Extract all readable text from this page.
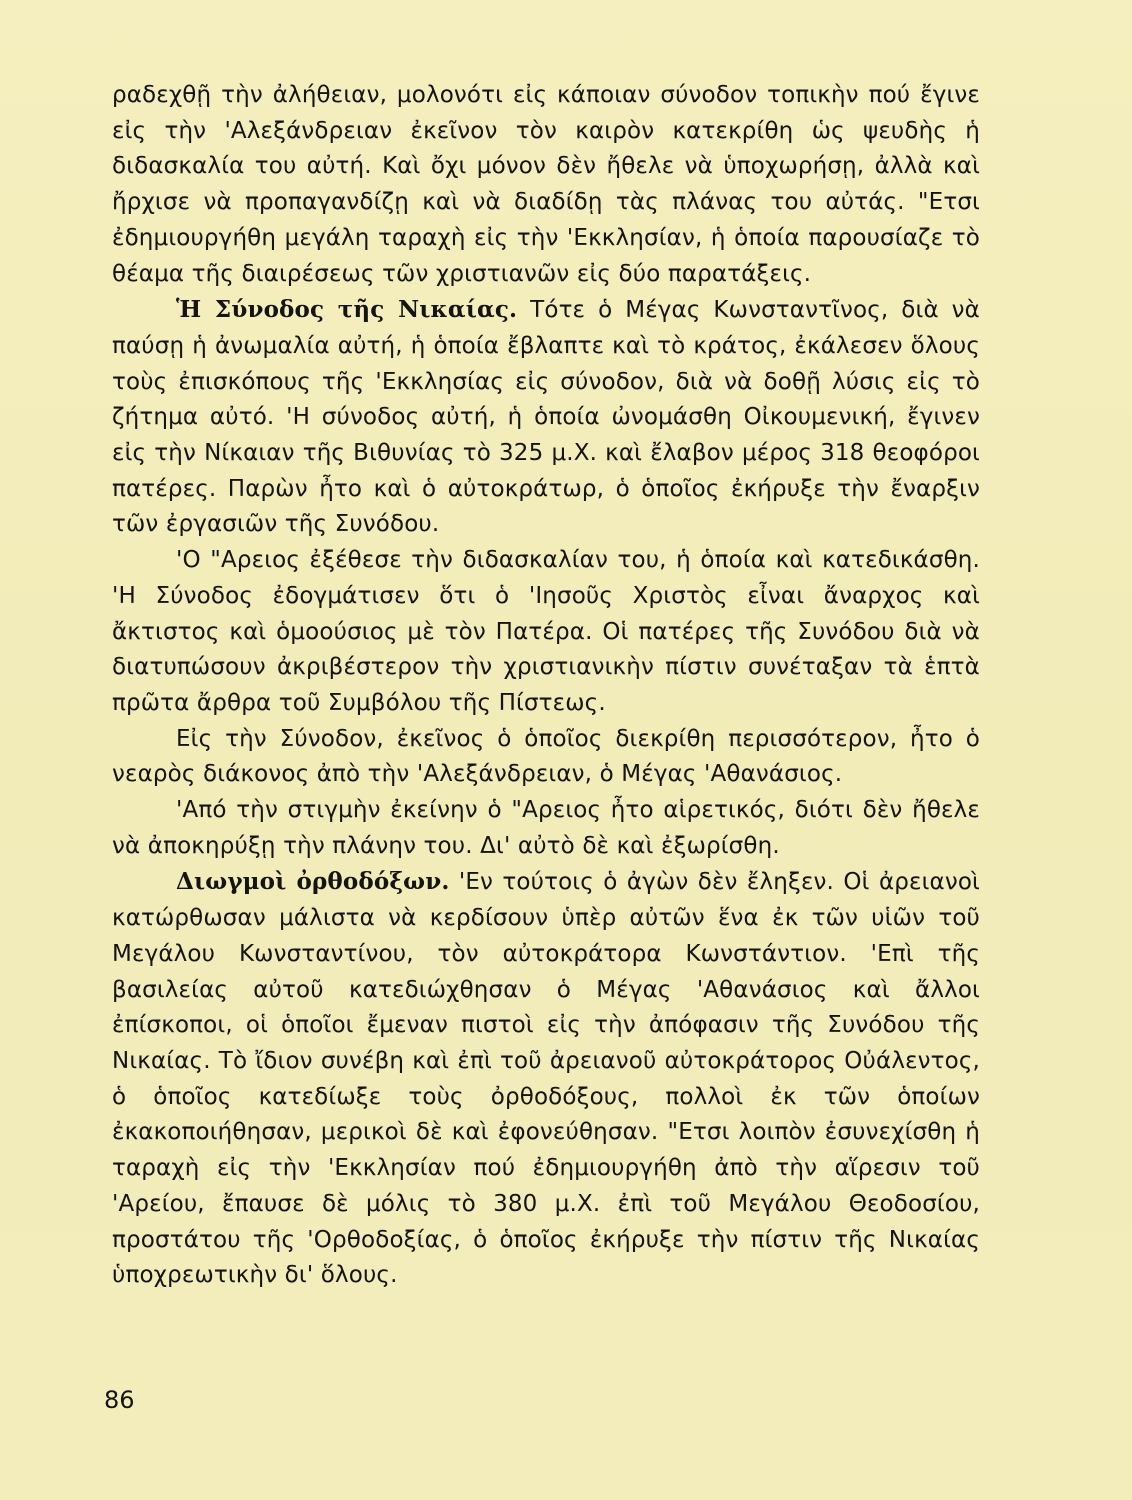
ραδεχθῇ τὴν ἀλήθειαν, μολονότι εἰς κάποιαν σύνοδον τοπικὴν πού ἔγινε εἰς τὴν 'Αλεξάνδρειαν ἐκεῖνον τὸν καιρὸν κατεκρίθη ὡς ψευδὴς ἡ διδασκαλία του αὐτή. Καὶ ὄχι μόνον δὲν ἤθελε νὰ ὑποχωρήσῃ, ἀλλὰ καὶ ἤρχισε νὰ προπαγανδίζῃ καὶ νὰ διαδίδῃ τὰς πλάνας του αὐτάς. "Ετσι ἐδημιουργήθη μεγάλη ταραχὴ εἰς τὴν 'Εκκλησίαν, ἡ ὁποία παρουσίαζε τὸ θέαμα τῆς διαιρέσεως τῶν χριστιανῶν εἰς δύο παρατάξεις.

Ἡ Σύνοδος τῆς Νικαίας. Τότε ὁ Μέγας Κωνσταντῖνος, διὰ νὰ παύσῃ ἡ ἀνωμαλία αὐτή, ἡ ὁποία ἔβλαπτε καὶ τὸ κράτος, ἐκάλεσεν ὅλους τοὺς ἐπισκόπους τῆς 'Εκκλησίας εἰς σύνοδον, διὰ νὰ δοθῇ λύσις εἰς τὸ ζήτημα αὐτό. 'Η σύνοδος αὐτή, ἡ ὁποία ὠνομάσθη Οἰκουμενική, ἔγινεν εἰς τὴν Νίκαιαν τῆς Βιθυνίας τὸ 325 μ.Χ. καὶ ἔλαβον μέρος 318 θεοφόροι πατέρες. Παρὼν ἦτο καὶ ὁ αὐτοκράτωρ, ὁ ὁποῖος ἐκήρυξε τὴν ἔναρξιν τῶν ἐργασιῶν τῆς Συνόδου.

'Ο "Αρειος ἐξέθεσε τὴν διδασκαλίαν του, ἡ ὁποία καὶ κατεδικάσθη. 'Η Σύνοδος ἐδογμάτισεν ὅτι ὁ 'Ιησοῦς Χριστὸς εἶναι ἄναρχος καὶ ἄκτιστος καὶ ὁμοούσιος μὲ τὸν Πατέρα. Οἱ πατέρες τῆς Συνόδου διὰ νὰ διατυπώσουν ἀκριβέστερον τὴν χριστιανικὴν πίστιν συνέταξαν τὰ ἑπτὰ πρῶτα ἄρθρα τοῦ Συμβόλου τῆς Πίστεως.

Εἰς τὴν Σύνοδον, ἐκεῖνος ὁ ὁποῖος διεκρίθη περισσότερον, ἦτο ὁ νεαρὸς διάκονος ἀπὸ τὴν 'Αλεξάνδρειαν, ὁ Μέγας 'Αθανάσιος.

'Από τὴν στιγμὴν ἐκείνην ὁ "Αρειος ἦτο αἱρετικός, διότι δὲν ἤθελε νὰ ἀποκηρύξῃ τὴν πλάνην του. Δι' αὐτὸ δὲ καὶ ἐξωρίσθη.

Διωγμοὶ ὀρθοδόξων. 'Εν τούτοις ὁ ἀγὼν δὲν ἔληξεν. Οἱ ἀρειανοὶ κατώρθωσαν μάλιστα νὰ κερδίσουν ὑπὲρ αὐτῶν ἕνα ἐκ τῶν υἱῶν τοῦ Μεγάλου Κωνσταντίνου, τὸν αὐτοκράτορα Κωνστάντιον. 'Επὶ τῆς βασιλείας αὐτοῦ κατεδιώχθησαν ὁ Μέγας 'Αθανάσιος καὶ ἄλλοι ἐπίσκοποι, οἱ ὁποῖοι ἔμεναν πιστοὶ εἰς τὴν ἀπόφασιν τῆς Συνόδου τῆς Νικαίας. Τὸ ἴδιον συνέβη καὶ ἐπὶ τοῦ ἀρειανοῦ αὐτοκράτορος Οὐάλεντος, ὁ ὁποῖος κατεδίωξε τοὺς ὀρθοδόξους, πολλοὶ ἐκ τῶν ὁποίων ἐκακοποιήθησαν, μερικοὶ δὲ καὶ ἐφονεύθησαν. "Ετσι λοιπὸν ἐσυνεχίσθη ἡ ταραχὴ εἰς τὴν 'Εκκλησίαν πού ἐδημιουργήθη ἀπὸ τὴν αἵρεσιν τοῦ 'Αρείου, ἔπαυσε δὲ μόλις τὸ 380 μ.Χ. ἐπὶ τοῦ Μεγάλου Θεοδοσίου, προστάτου τῆς 'Ορθοδοξίας, ὁ ὁποῖος ἐκήρυξε τὴν πίστιν τῆς Νικαίας ὑποχρεωτικὴν δι' ὅλους.

86
